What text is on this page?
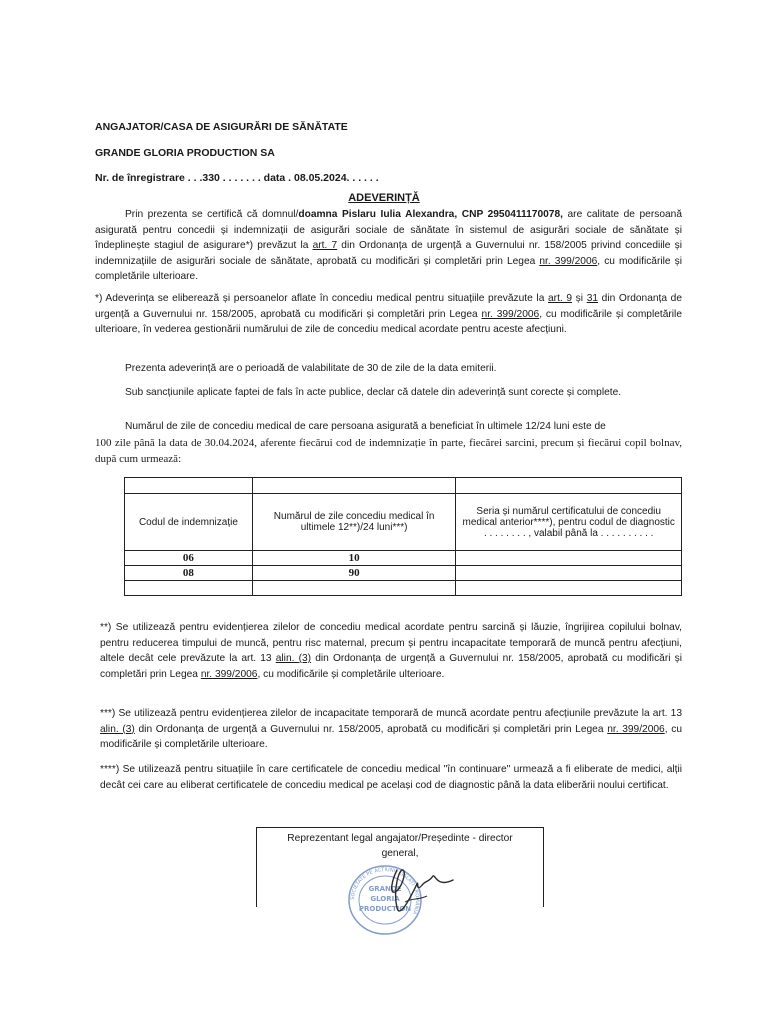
ANGAJATOR/CASA DE ASIGURĂRI DE SĂNĂTATE
GRANDE GLORIA PRODUCTION SA
Nr. de înregistrare . . .330 . . . . . . . data . 08.05.2024. . . . . .
ADEVERINȚĂ

Prin prezenta se certifică că domnul/doamna Pislaru Iulia Alexandra, CNP 2950411170078, are calitate de persoană asigurată pentru concedii și indemnizații de asigurări sociale de sănătate în sistemul de asigurări sociale de sănătate și îndeplinește stagiul de asigurare*) prevăzut la art. 7 din Ordonanța de urgență a Guvernului nr. 158/2005 privind concediile și indemnizațiile de asigurări sociale de sănătate, aprobată cu modificări și completări prin Legea nr. 399/2006, cu modificările și completările ulterioare.

*) Adeverința se eliberează și persoanelor aflate în concediu medical pentru situațiile prevăzute la art. 9 și 31 din Ordonanța de urgență a Guvernului nr. 158/2005, aprobată cu modificări și completări prin Legea nr. 399/2006, cu modificările și completările ulterioare, în vederea gestionării numărului de zile de concediu medical acordate pentru aceste afecțiuni.

Prezenta adeverință are o perioadă de valabilitate de 30 de zile de la data emiterii.

Sub sancțiunile aplicate faptei de fals în acte publice, declar că datele din adeverință sunt corecte și complete.

Numărul de zile de concediu medical de care persoana asigurată a beneficiat în ultimele 12/24 luni este de

100 zile până la data de 30.04.2024, aferente fiecărui cod de indemnizație în parte, fiecărei sarcini, precum și fiecărui copil bolnav, după cum urmează:

Codul de indemnizație	Numărul de zile concediu medical în ultimele 12**)/24 luni***)	Seria și numărul certificatului de concediu medical anterior****), pentru codul de diagnostic . . . . . . . . , valabil până la . . . . . . . . . .
06	10	
08	90	

**) Se utilizează pentru evidențierea zilelor de concediu medical acordate pentru sarcină și lăuzie, îngrijirea copilului bolnav, pentru reducerea timpului de muncă, pentru risc maternal, precum și pentru incapacitate temporară de muncă pentru afecțiuni, altele decât cele prevăzute la art. 13 alin. (3) din Ordonanța de urgență a Guvernului nr. 158/2005, aprobată cu modificări și completări prin Legea nr. 399/2006, cu modificările și completările ulterioare.

***) Se utilizează pentru evidențierea zilelor de incapacitate temporară de muncă acordate pentru afecțiunile prevăzute la art. 13 alin. (3) din Ordonanța de urgență a Guvernului nr. 158/2005, aprobată cu modificări și completări prin Legea nr. 399/2006, cu modificările și completările ulterioare.

****) Se utilizează pentru situațiile în care certificatele de concediu medical "în continuare" urmează a fi eliberate de medici, alții decât cei care au eliberat certificatele de concediu medical pe același cod de diagnostic până la data eliberării noului certificat.

Reprezentant legal angajator/Președinte - director
general,
SOCIETATE PE ACȚIUNI · GALAȚI · ROMÂNIA
GRANDE
GLORIA
PRODUCTION
